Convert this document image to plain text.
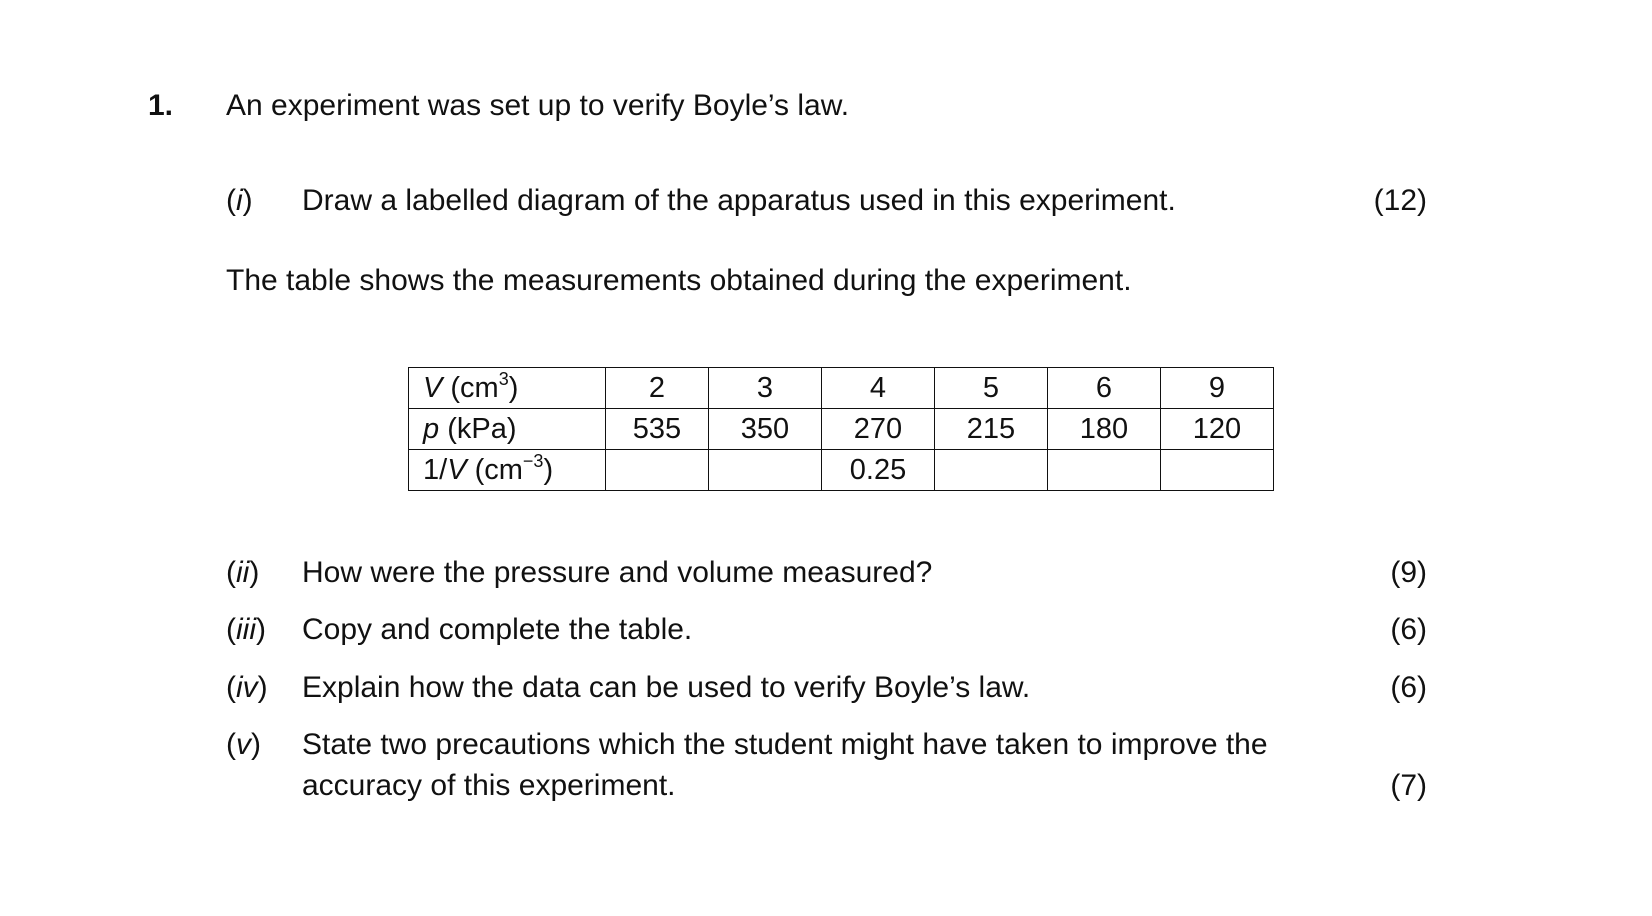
1. An experiment was set up to verify Boyle’s law.
(i) Draw a labelled diagram of the apparatus used in this experiment.	(12)
The table shows the measurements obtained during the experiment.
V $(cm^3)$	2	3	4	5	6	9
p (kPa)	535	350	270	215	180	120
1/V $(cm^{-3})$			0.25			
(ii) How were the pressure and volume measured?	(9)
(iii) Copy and complete the table.	(6)
(iv) Explain how the data can be used to verify Boyle’s law.	(6)
(v) State two precautions which the student might have taken to improve the
accuracy of this experiment.	(7)
